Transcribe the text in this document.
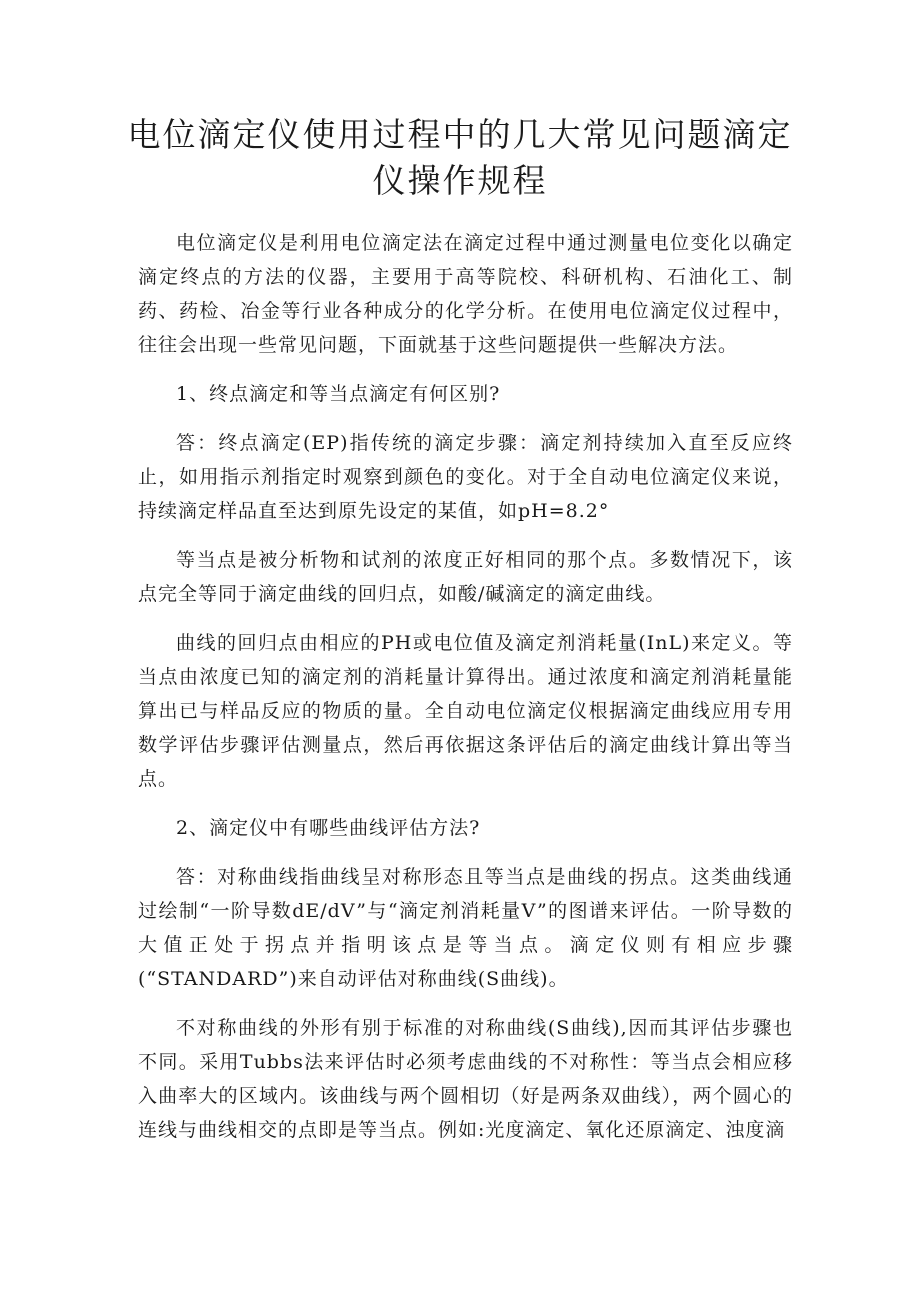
电位滴定仪使用过程中的几大常见问题滴定
仪操作规程

电位滴定仪是利用电位滴定法在滴定过程中通过测量电位变化以确定滴定终点的方法的仪器，主要用于高等院校、科研机构、石油化工、制药、药检、冶金等行业各种成分的化学分析。在使用电位滴定仪过程中，往往会出现一些常见问题，下面就基于这些问题提供一些解决方法。

1、终点滴定和等当点滴定有何区别?

答：终点滴定(EP)指传统的滴定步骤：滴定剂持续加入直至反应终止，如用指示剂指定时观察到颜色的变化。对于全自动电位滴定仪来说，持续滴定样品直至达到原先设定的某值，如pH=8.2°

等当点是被分析物和试剂的浓度正好相同的那个点。多数情况下，该点完全等同于滴定曲线的回归点，如酸/碱滴定的滴定曲线。

曲线的回归点由相应的PH或电位值及滴定剂消耗量(InL)来定义。等当点由浓度已知的滴定剂的消耗量计算得出。通过浓度和滴定剂消耗量能算出已与样品反应的物质的量。全自动电位滴定仪根据滴定曲线应用专用数学评估步骤评估测量点，然后再依据这条评估后的滴定曲线计算出等当点。

2、滴定仪中有哪些曲线评估方法?

答：对称曲线指曲线呈对称形态且等当点是曲线的拐点。这类曲线通过绘制“一阶导数dE/dV”与“滴定剂消耗量V”的图谱来评估。一阶导数的大值正处于拐点并指明该点是等当点。滴定仪则有相应步骤(“STANDARD”)来自动评估对称曲线(S曲线)。

不对称曲线的外形有别于标准的对称曲线(S曲线),因而其评估步骤也不同。采用Tubbs法来评估时必须考虑曲线的不对称性：等当点会相应移入曲率大的区域内。该曲线与两个圆相切（好是两条双曲线），两个圆心的连线与曲线相交的点即是等当点。例如:光度滴定、氧化还原滴定、浊度滴
